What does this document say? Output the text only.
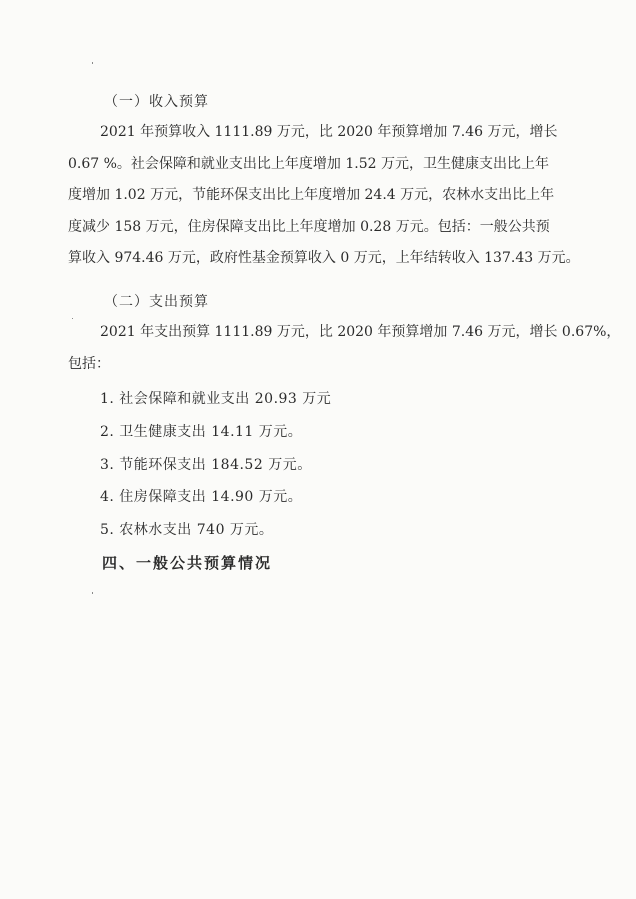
（一）收入预算
2021 年预算收入 1111.89 万元，比 2020 年预算增加 7.46 万元，增长
0.67 %。社会保障和就业支出比上年度增加 1.52 万元，卫生健康支出比上年
度增加 1.02 万元，节能环保支出比上年度增加 24.4 万元，农林水支出比上年
度减少 158 万元，住房保障支出比上年度增加 0.28 万元。包括：一般公共预
算收入 974.46 万元，政府性基金预算收入 0 万元，上年结转收入 137.43 万元。
（二）支出预算
2021 年支出预算 1111.89 万元，比 2020 年预算增加 7.46 万元，增长 0.67%，
包括：
1. 社会保障和就业支出 20.93 万元
2. 卫生健康支出 14.11 万元。
3. 节能环保支出 184.52 万元。
4. 住房保障支出 14.90 万元。
5. 农林水支出 740 万元。
四、一般公共预算情况
